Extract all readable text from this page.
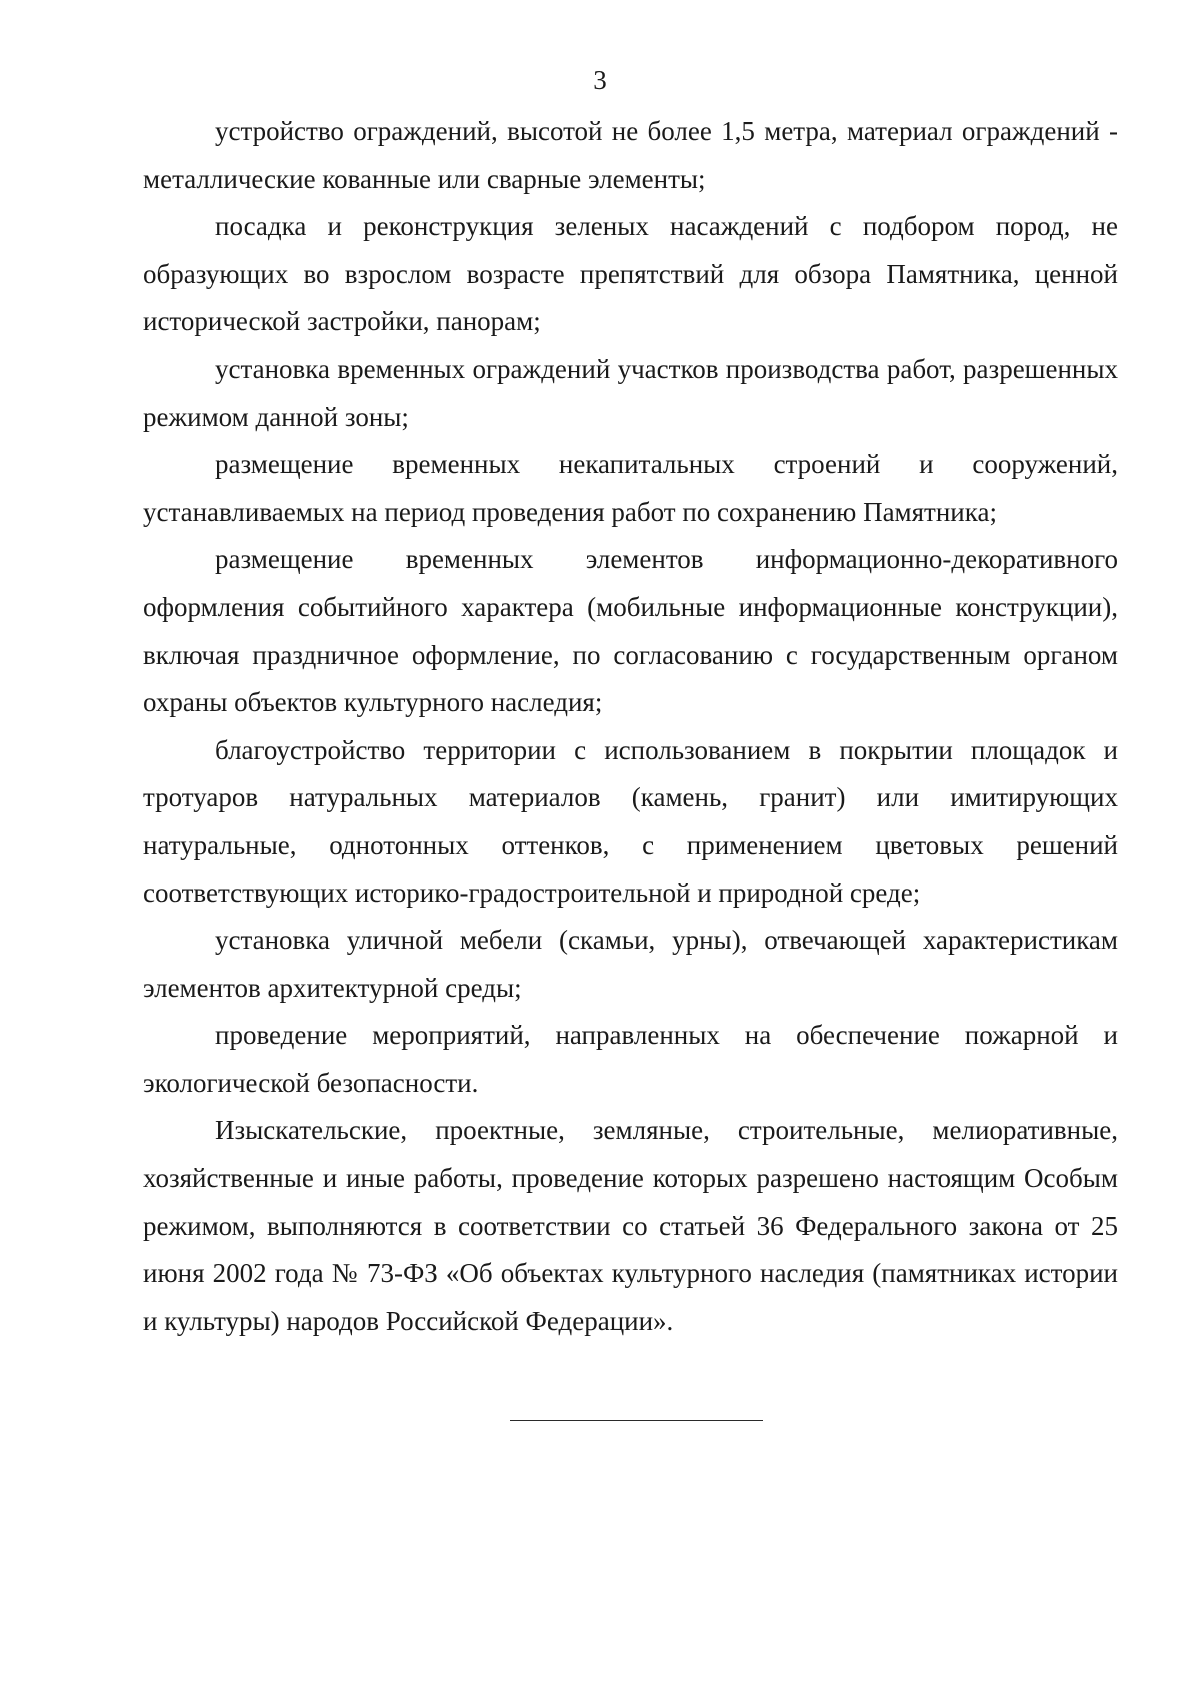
3

устройство ограждений, высотой не более 1,5 метра, материал ограждений - металлические кованные или сварные элементы;

посадка и реконструкция зеленых насаждений с подбором пород, не образующих во взрослом возрасте препятствий для обзора Памятника, ценной исторической застройки, панорам;

установка временных ограждений участков производства работ, разрешенных режимом данной зоны;

размещение временных некапитальных строений и сооружений, устанавливаемых на период проведения работ по сохранению Памятника;

размещение временных элементов информационно-декоративного оформления событийного характера (мобильные информационные конструкции), включая праздничное оформление, по согласованию с государственным органом охраны объектов культурного наследия;

благоустройство территории с использованием в покрытии площадок и тротуаров натуральных материалов (камень, гранит) или имитирующих натуральные, однотонных оттенков, с применением цветовых решений соответствующих историко-градостроительной и природной среде;

установка уличной мебели (скамьи, урны), отвечающей характеристикам элементов архитектурной среды;

проведение мероприятий, направленных на обеспечение пожарной и экологической безопасности.

Изыскательские, проектные, земляные, строительные, мелиоративные, хозяйственные и иные работы, проведение которых разрешено настоящим Особым режимом, выполняются в соответствии со статьей 36 Федерального закона от 25 июня 2002 года № 73-ФЗ «Об объектах культурного наследия (памятниках истории и культуры) народов Российской Федерации».
